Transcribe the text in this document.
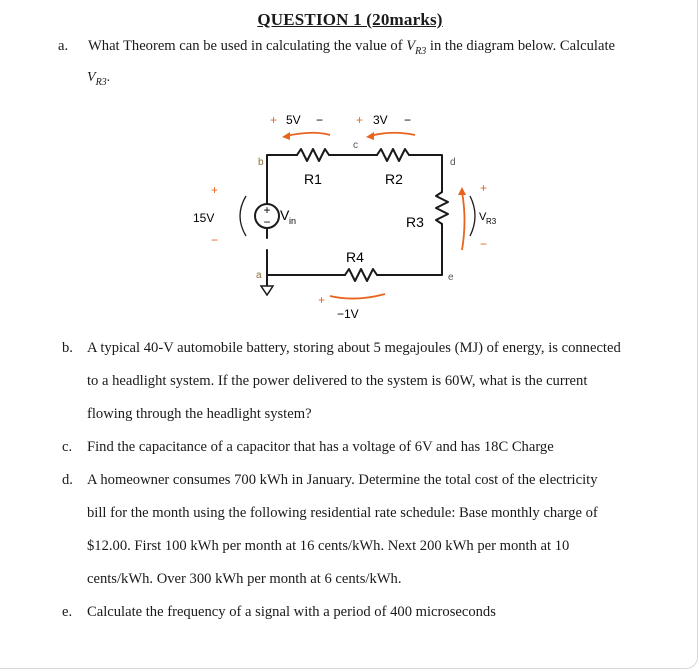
QUESTION 1 (20marks)
a. What Theorem can be used in calculating the value of $V_{R3}$ in the diagram below. Calculate
$V_{R3}$.
+
−
+ 5V −	+ 3V −
b
c
d
a	e
R1	R2
R3
R4
V in
15V
+
−
+
V R3
−
+
−1V
b. A typical 40-V automobile battery, storing about 5 megajoules (MJ) of energy, is connected
to a headlight system. If the power delivered to the system is 60W, what is the current
flowing through the headlight system?
c. Find the capacitance of a capacitor that has a voltage of 6V and has 18C Charge
d. A homeowner consumes 700 kWh in January. Determine the total cost of the electricity
bill for the month using the following residential rate schedule: Base monthly charge of
$12.00. First 100 kWh per month at 16 cents/kWh. Next 200 kWh per month at 10
cents/kWh. Over 300 kWh per month at 6 cents/kWh.
e. Calculate the frequency of a signal with a period of 400 microseconds
